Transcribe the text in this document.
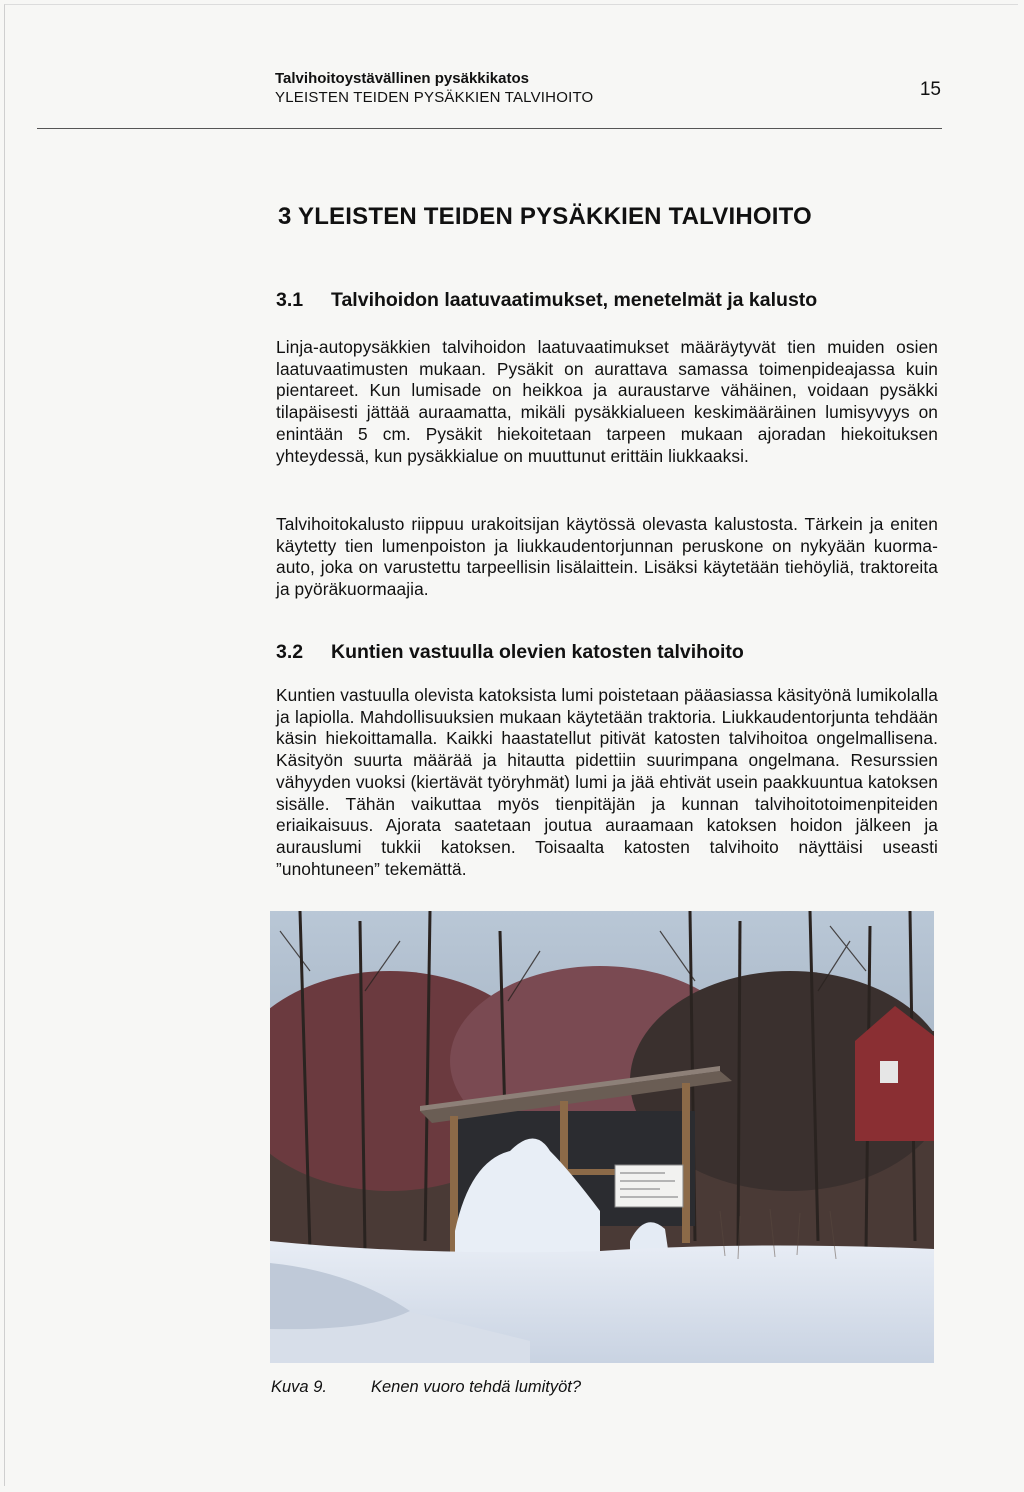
Talvihoitoystävällinen pysäkkikatos
YLEISTEN TEIDEN PYSÄKKIEN TALVIHOITO	15
3 YLEISTEN TEIDEN PYSÄKKIEN TALVIHOITO
3.1	Talvihoidon laatuvaatimukset, menetelmät ja kalusto

Linja-autopysäkkien talvihoidon laatuvaatimukset määräytyvät tien muiden osien laatuvaatimusten mukaan. Pysäkit on aurattava samassa toimenpideajassa kuin pientareet. Kun lumisade on heikkoa ja auraustarve vähäinen, voidaan pysäkki tilapäisesti jättää auraamatta, mikäli pysäkkialueen keskimääräinen lumisyvyys on enintään 5 cm. Pysäkit hiekoitetaan tarpeen mukaan ajoradan hiekoituksen yhteydessä, kun pysäkkialue on muuttunut erittäin liukkaaksi.

Talvihoitokalusto riippuu urakoitsijan käytössä olevasta kalustosta. Tärkein ja eniten käytetty tien lumenpoiston ja liukkaudentorjunnan peruskone on nykyään kuorma-auto, joka on varustettu tarpeellisin lisälaittein. Lisäksi käytetään tiehöyliä, traktoreita ja pyöräkuormaajia.

3.2	Kuntien vastuulla olevien katosten talvihoito

Kuntien vastuulla olevista katoksista lumi poistetaan pääasiassa käsityönä lumikolalla ja lapiolla. Mahdollisuuksien mukaan käytetään traktoria. Liukkaudentorjunta tehdään käsin hiekoittamalla. Kaikki haastatellut pitivät katosten talvihoitoa ongelmallisena. Käsityön suurta määrää ja hitautta pidettiin suurimpana ongelmana. Resurssien vähyyden vuoksi (kiertävät työryhmät) lumi ja jää ehtivät usein paakkuuntua katoksen sisälle. Tähän vaikuttaa myös tienpitäjän ja kunnan talvihoitotoimenpiteiden eriaikaisuus. Ajorata saatetaan joutua auraamaan katoksen hoidon jälkeen ja aurauslumi tukkii katoksen. Toisaalta katosten talvihoito näyttäisi useasti ”unohtuneen” tekemättä.

Kuva 9.	Kenen vuoro tehdä lumityöt?
